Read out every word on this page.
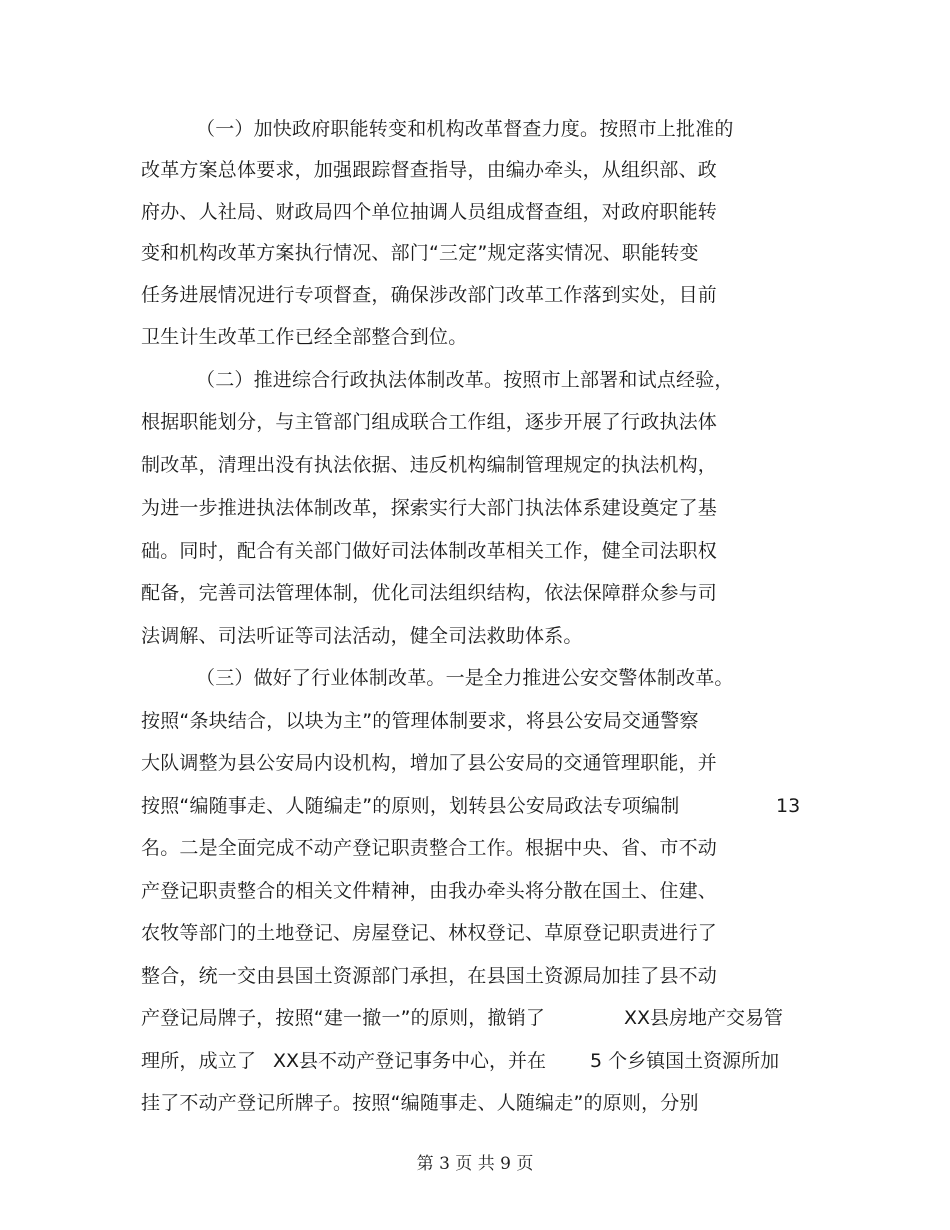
（一）加快政府职能转变和机构改革督查力度。按照市上批准的
改革方案总体要求，加强跟踪督查指导，由编办牵头，从组织部、政
府办、人社局、财政局四个单位抽调人员组成督查组，对政府职能转
变和机构改革方案执行情况、部门“三定”规定落实情况、职能转变
任务进展情况进行专项督查，确保涉改部门改革工作落到实处，目前
卫生计生改革工作已经全部整合到位。
（二）推进综合行政执法体制改革。按照市上部署和试点经验，
根据职能划分，与主管部门组成联合工作组，逐步开展了行政执法体
制改革，清理出没有执法依据、违反机构编制管理规定的执法机构，
为进一步推进执法体制改革，探索实行大部门执法体系建设奠定了基
础。同时，配合有关部门做好司法体制改革相关工作，健全司法职权
配备，完善司法管理体制，优化司法组织结构，依法保障群众参与司
法调解、司法听证等司法活动，健全司法救助体系。
（三）做好了行业体制改革。一是全力推进公安交警体制改革。
按照“条块结合，以块为主”的管理体制要求，将县公安局交通警察
大队调整为县公安局内设机构，增加了县公安局的交通管理职能，并
按照“编随事走、人随编走”的原则，划转县公安局政法专项编制	13
名。二是全面完成不动产登记职责整合工作。根据中央、省、市不动
产登记职责整合的相关文件精神，由我办牵头将分散在国土、住建、
农牧等部门的土地登记、房屋登记、林权登记、草原登记职责进行了
整合，统一交由县国土资源部门承担，在县国土资源局加挂了县不动
产登记局牌子，按照“建一撤一”的原则，撤销了	XX县房地产交易管
理所，成立了 XX县不动产登记事务中心，并在 5 个乡镇国土资源所加
挂了不动产登记所牌子。按照“编随事走、人随编走”的原则，分别
第 3 页 共 9 页
